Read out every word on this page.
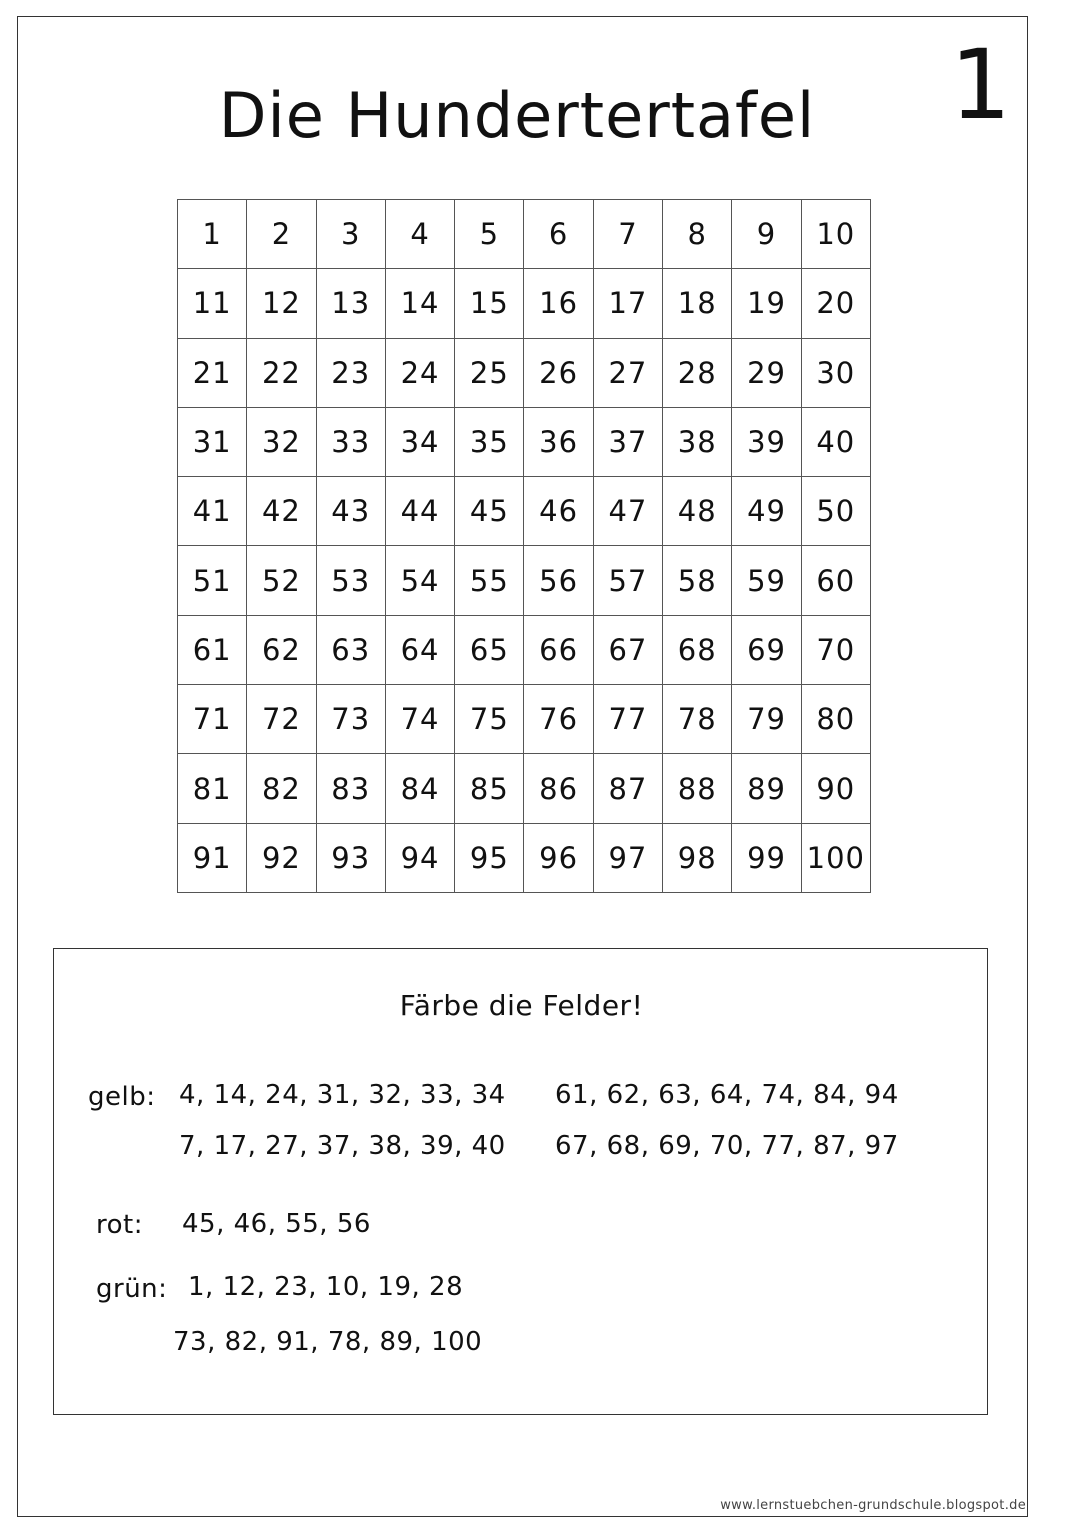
1
Die Hundertertafel
1	2	3	4	5	6	7	8	9	10
11	12	13	14	15	16	17	18	19	20
21	22	23	24	25	26	27	28	29	30
31	32	33	34	35	36	37	38	39	40
41	42	43	44	45	46	47	48	49	50
51	52	53	54	55	56	57	58	59	60
61	62	63	64	65	66	67	68	69	70
71	72	73	74	75	76	77	78	79	80
81	82	83	84	85	86	87	88	89	90
91	92	93	94	95	96	97	98	99	100
Färbe die Felder!
gelb: 4, 14, 24, 31, 32, 33, 34 61, 62, 63, 64, 74, 84, 94
7, 17, 27, 37, 38, 39, 40 67, 68, 69, 70, 77, 87, 97
rot: 45, 46, 55, 56
grün: 1, 12, 23, 10, 19, 28
73, 82, 91, 78, 89, 100
www.lernstuebchen-grundschule.blogspot.de
